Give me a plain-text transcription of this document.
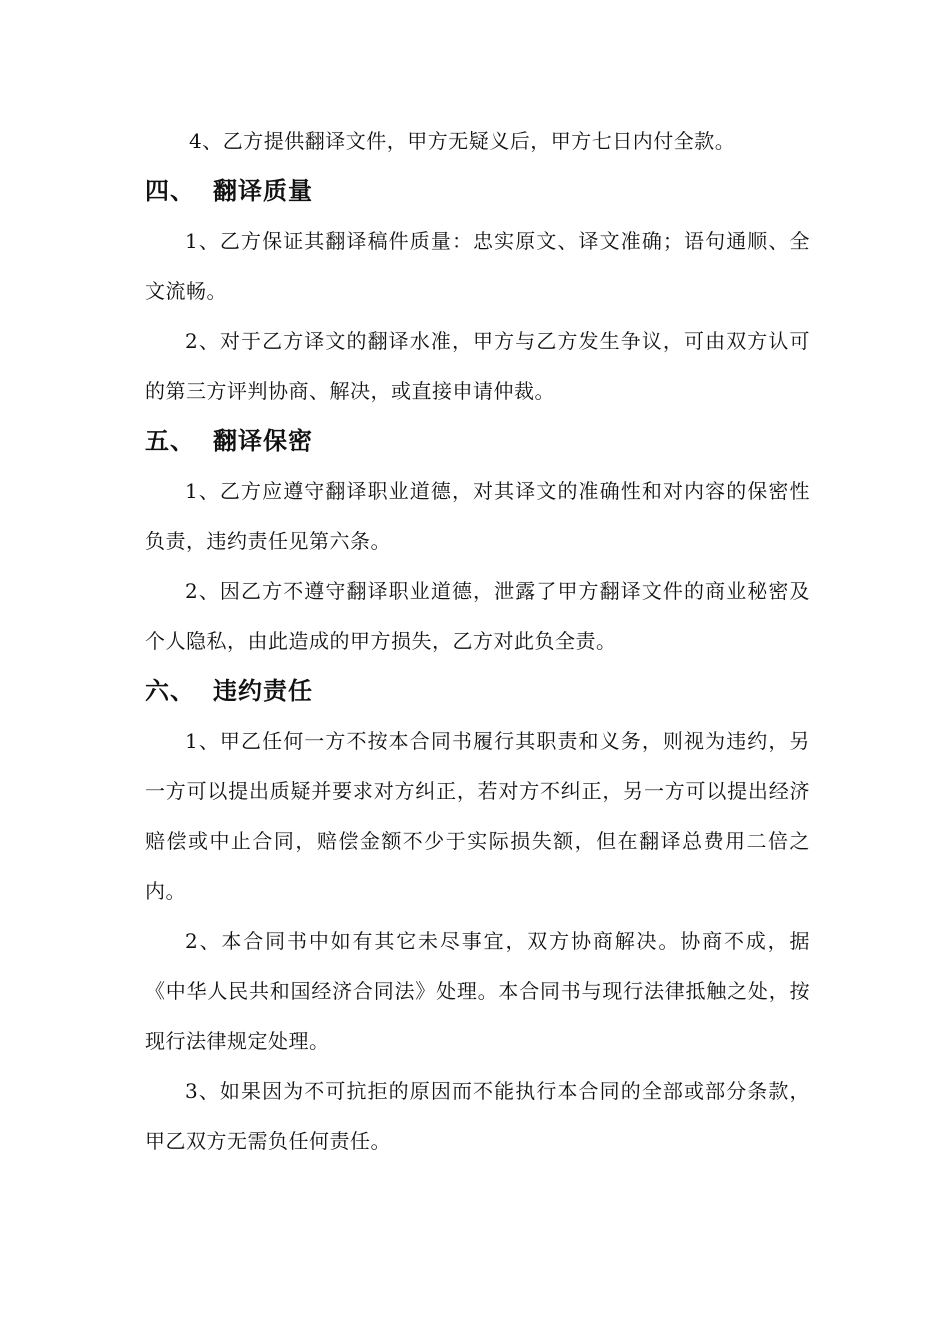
4、乙方提供翻译文件，甲方无疑义后，甲方七日内付全款。

四、 翻译质量

1、乙方保证其翻译稿件质量：忠实原文、译文准确；语句通顺、全文流畅。

2、对于乙方译文的翻译水准，甲方与乙方发生争议，可由双方认可的第三方评判协商、解决，或直接申请仲裁。

五、 翻译保密

1、乙方应遵守翻译职业道德，对其译文的准确性和对内容的保密性负责，违约责任见第六条。

2、因乙方不遵守翻译职业道德，泄露了甲方翻译文件的商业秘密及个人隐私，由此造成的甲方损失，乙方对此负全责。

六、 违约责任

1、甲乙任何一方不按本合同书履行其职责和义务，则视为违约，另一方可以提出质疑并要求对方纠正，若对方不纠正，另一方可以提出经济赔偿或中止合同，赔偿金额不少于实际损失额，但在翻译总费用二倍之内。

2、本合同书中如有其它未尽事宜，双方协商解决。协商不成，据《中华人民共和国经济合同法》处理。本合同书与现行法律抵触之处，按现行法律规定处理。

3、如果因为不可抗拒的原因而不能执行本合同的全部或部分条款，甲乙双方无需负任何责任。
